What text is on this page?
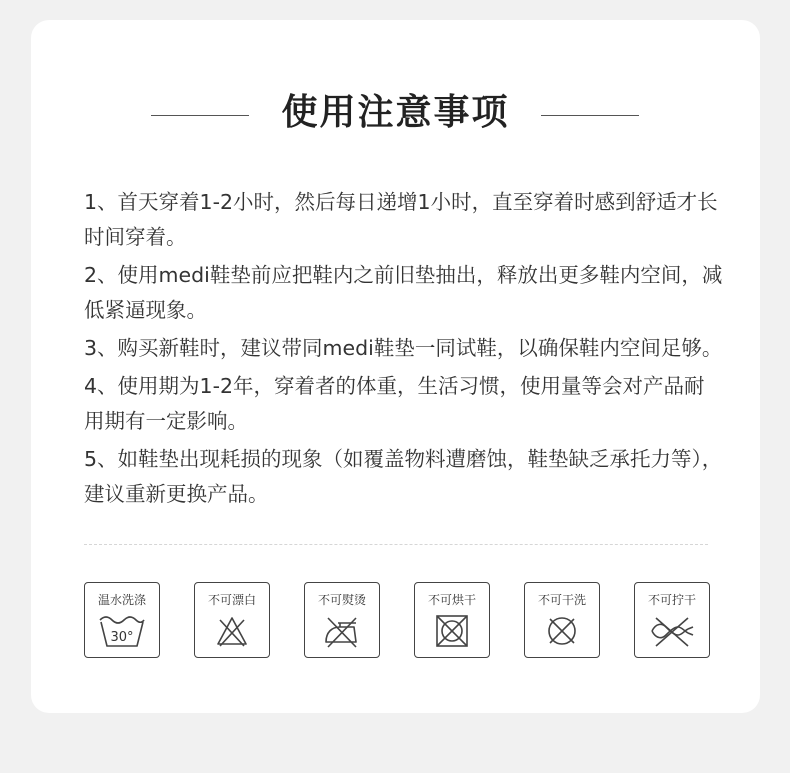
使用注意事项
1、首天穿着1-2小时，然后每日递增1小时，直至穿着时感到舒适才长时间穿着。
2、使用medi鞋垫前应把鞋内之前旧垫抽出，释放出更多鞋内空间，减低紧逼现象。
3、购买新鞋时，建议带同medi鞋垫一同试鞋，以确保鞋内空间足够。
4、使用期为1-2年，穿着者的体重，生活习惯，使用量等会对产品耐用期有一定影响。
5、如鞋垫出现耗损的现象（如覆盖物料遭磨蚀，鞋垫缺乏承托力等），建议重新更换产品。
温水洗涤
30°
不可漂白	不可熨烫	不可烘干	不可干洗	不可拧干
